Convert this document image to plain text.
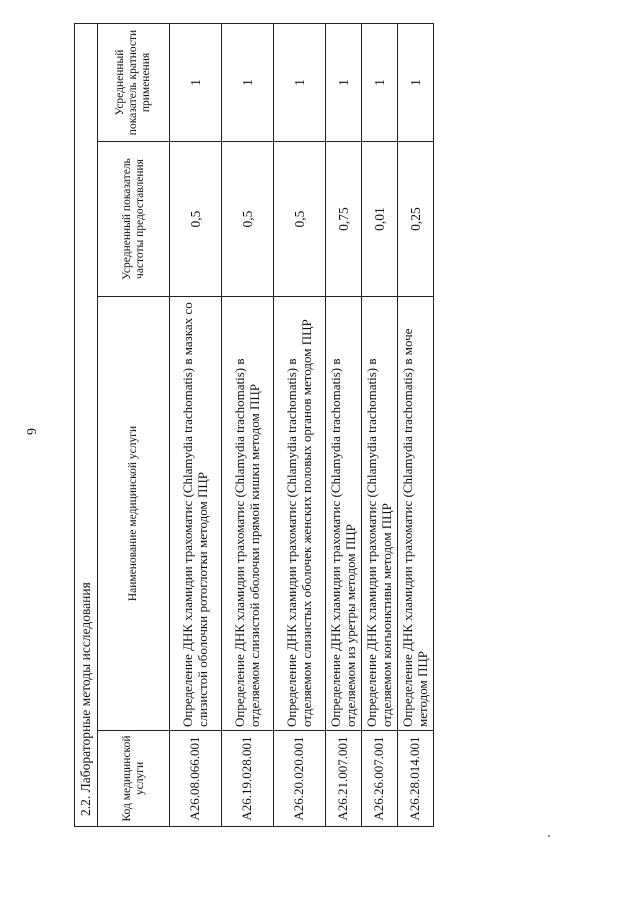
6
2.2. Лабораторные методы исследования			
Код медицинской услуги	Наименование медицинской услуги	Усредненный показатель частоты предоставления	Усредненный показатель кратности применения
A26.08.066.001	Определение ДНК хламидии трахоматис (Chlamydia trachomatis) в мазках со слизистой оболочки ротоглотки методом ПЦР	0,5	1
A26.19.028.001	Определение ДНК хламидии трахоматис (Chlamydia trachomatis) в отделяемом слизистой оболочки прямой кишки методом ПЦР	0,5	1
A26.20.020.001	Определение ДНК хламидии трахоматис (Chlamydia trachomatis) в отделяемом слизистых оболочек женских половых органов методом ПЦР	0,5	1
A26.21.007.001	Определение ДНК хламидии трахоматис (Chlamydia trachomatis) в отделяемом из уретры методом ПЦР	0,75	1
A26.26.007.001	Определение ДНК хламидии трахоматис (Chlamydia trachomatis) в отделяемом конъюнктивы методом ПЦР	0,01	1
A26.28.014.001	Определение ДНК хламидии трахоматис (Chlamydia trachomatis) в моче методом ПЦР	0,25	1
